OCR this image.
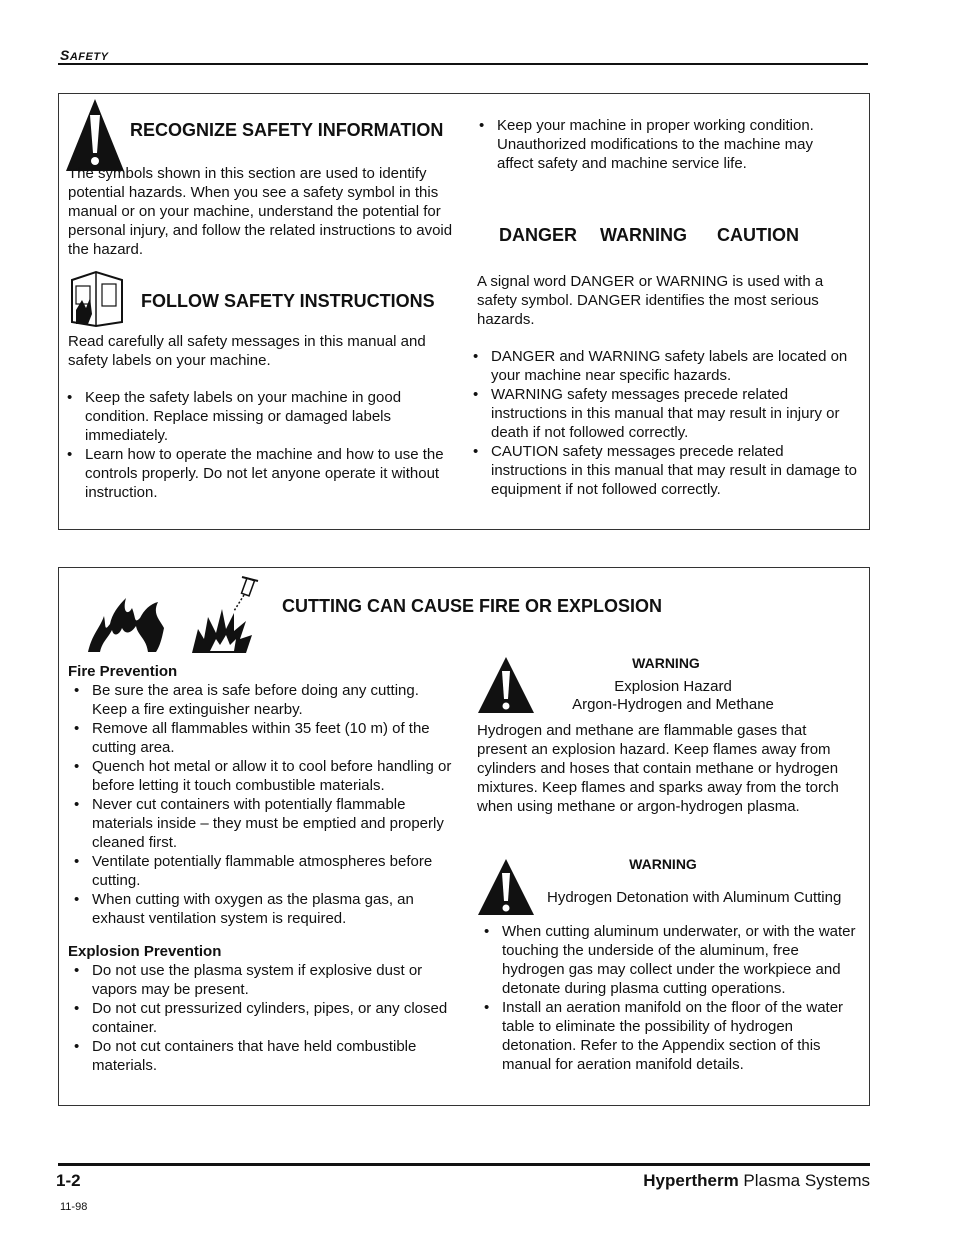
SAFETY
RECOGNIZE SAFETY INFORMATION
The symbols shown in this section are used to identify potential hazards. When you see a safety symbol in this manual or on your machine, understand the potential for personal injury, and follow the related instructions to avoid the hazard.
FOLLOW SAFETY INSTRUCTIONS
Read carefully all safety messages in this manual and safety labels on your machine.
• Keep the safety labels on your machine in good condition. Replace missing or damaged labels immediately.
• Learn how to operate the machine and how to use the controls properly. Do not let anyone operate it without instruction.
• Keep your machine in proper working condition. Unauthorized modifications to the machine may affect safety and machine service life.
DANGER WARNING CAUTION
A signal word DANGER or WARNING is used with a safety symbol. DANGER identifies the most serious hazards.
• DANGER and WARNING safety labels are located on your machine near specific hazards.
• WARNING safety messages precede related instructions in this manual that may result in injury or death if not followed correctly.
• CAUTION safety messages precede related instructions in this manual that may result in damage to equipment if not followed correctly.
CUTTING CAN CAUSE FIRE OR EXPLOSION
Fire Prevention
• Be sure the area is safe before doing any cutting. Keep a fire extinguisher nearby.
• Remove all flammables within 35 feet (10 m) of the cutting area.
• Quench hot metal or allow it to cool before handling or before letting it touch combustible materials.
• Never cut containers with potentially flammable materials inside – they must be emptied and properly cleaned first.
• Ventilate potentially flammable atmospheres before cutting.
• When cutting with oxygen as the plasma gas, an exhaust ventilation system is required.
Explosion Prevention
• Do not use the plasma system if explosive dust or vapors may be present.
• Do not cut pressurized cylinders, pipes, or any closed container.
• Do not cut containers that have held combustible materials.
WARNING
Explosion Hazard
Argon-Hydrogen and Methane
Hydrogen and methane are flammable gases that present an explosion hazard. Keep flames away from cylinders and hoses that contain methane or hydrogen mixtures. Keep flames and sparks away from the torch when using methane or argon-hydrogen plasma.
WARNING
Hydrogen Detonation with Aluminum Cutting
• When cutting aluminum underwater, or with the water touching the underside of the aluminum, free hydrogen gas may collect under the workpiece and detonate during plasma cutting operations.
• Install an aeration manifold on the floor of the water table to eliminate the possibility of hydrogen detonation. Refer to the Appendix section of this manual for aeration manifold details.
1-2	Hypertherm Plasma Systems
11-98
